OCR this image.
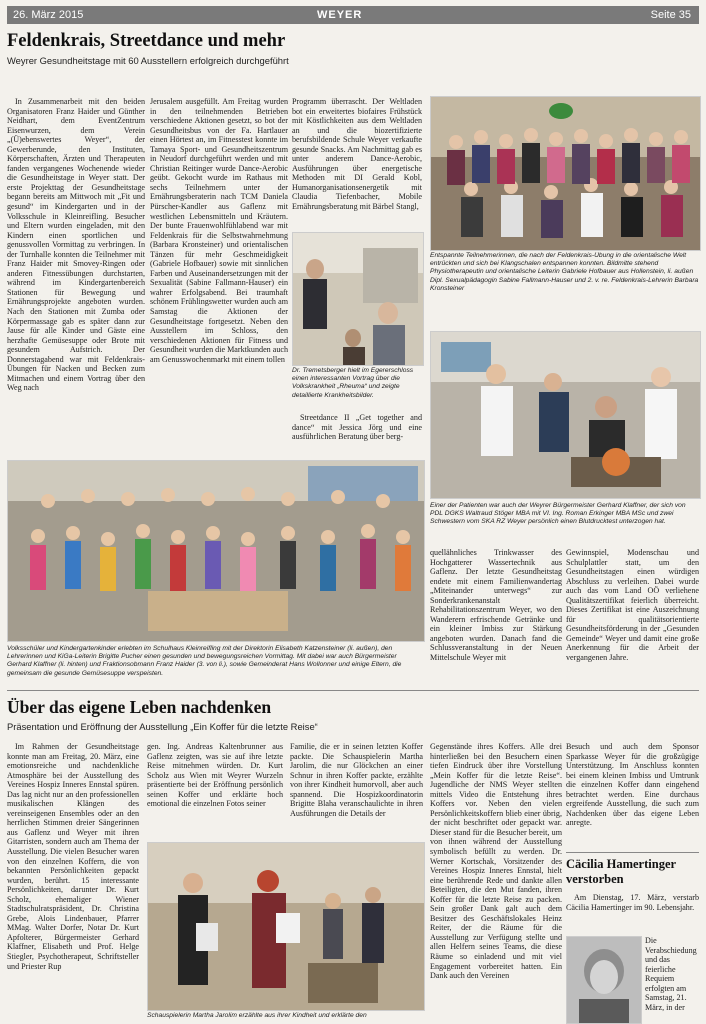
26. März 2015	WEYER	Seite 35
Feldenkrais, Streetdance und mehr
Weyrer Gesundheitstage mit 60 Ausstellern erfolgreich durchgeführt

In Zusammenarbeit mit den beiden Organisatoren Franz Haider und Günther Neidhart, dem EventZentrum Eisenwurzen, dem Verein „(Ü)ebenswertes Weyer“, der Gewerberunde, den Instituten, Körperschaften, Ärzten und Therapeuten fanden vergangenes Wochenende wieder die Gesundheitstage in Weyer statt. Der erste Projekttag der Gesundheitstage begann bereits am Mittwoch mit „Fit und gesund“ im Kindergarten und in der Volksschule in Kleinreifling. Besucher und Eltern wurden eingeladen, mit den Kindern einen sportlichen und genussvollen Vormittag zu verbringen. In der Turnhalle konnten die Teilnehmer mit Franz Haider mit Smovey-Ringen oder anderen Fitnessübungen durchstarten, während im Kindergartenbereich Stationen für Bewegung und Ernährungsprojekte angeboten wurden. Nach den Stationen mit Zumba oder Körpermassage gab es später dann zur Jause für alle Kinder und Gäste eine herzhafte Gemüsesuppe oder Brote mit gesundem Aufstrich. Der Donnerstagabend war mit Feldenkrais-Übungen für Nacken und Becken zum Mitmachen und einem Vortrag über den Weg nach

Jerusalem ausgefüllt. Am Freitag wurden in den teilnehmenden Betrieben verschiedene Aktionen gesetzt, so bot der Gesundheitsbus von der Fa. Hartlauer einen Hörtest an, im Fitnesstest konnte im Tamaya Sport- und Gesundheitszentrum in Neudorf durchgeführt werden und mit Christian Reitinger wurde Dance-Aerobic geübt. Gekocht wurde im Rathaus mit sechs Teilnehmern unter der Ernährungsberaterin nach TCM Daniela Pürscher-Kandler aus Gaflenz mit westlichen Lebensmitteln und Kräutern. Der bunte Frauenwohlfühlabend war mit Feldenkrais für die Selbstwahrnehmung (Barbara Kronsteiner) und orientalischen Tänzen für mehr Geschmeidigkeit (Gabriele Hofbauer) sowie mit sinnlichen Farben und Auseinandersetzungen mit der Sexualität (Sabine Fallmann-Hauser) ein wahrer Erfolgsabend. Bei traumhaft schönem Frühlingswetter wurden auch am Samstag die Aktionen der Gesundheitstage fortgesetzt. Neben den Ausstellern im Schloss, den verschiedenen Aktionen für Fitness und Gesundheit wurden die Marktkunden auch am Genusswochenmarkt mit einem tollen

Programm überrascht. Der Weltladen bot ein erweitertes biofaires Frühstück mit Köstlichkeiten aus dem Weltladen an und die biozertifizierte berufsbildende Schule Weyer verkaufte gesunde Snacks. Am Nachmittag gab es unter anderem Dance-Aerobic, Ausführungen über energetische Methoden mit DI Gerald Kobl, Humanorganisationsenergetik mit Claudia Tiefenbacher, Mobile Ernährungsberatung mit Bärbel Stangl,

Dr. Tremetsberger hielt im Egererschloss einen interessanten Vortrag über die Volkskrankheit „Rheuma“ und zeigte detaillierte Krankheitsbilder.

Streetdance II „Get together and dance“ mit Jessica Jörg und eine ausführlichen Beratung über berg-

Entspannte Teilnehmerinnen, die nach der Feldenkrais-Übung in die orientalische Welt entrückten und sich bei Klangschalen entspannen konnten. Bildmitte stehend Physiotherapeutin und orientalische Leiterin Gabriele Hofbauer aus Hollenstein, li. außen Dipl. Sexualpädagogin Sabine Fallmann-Hauser und 2. v. re. Feldenkrais-Lehrerin Barbara Kronsteiner
Einer der Patienten war auch der Weyrer Bürgermeister Gerhard Klaffner, der sich von PDL DGKS Waltraud Stöger MBA mit VI. Ing. Roman Erkinger MBA MSc und zwei Schwestern vom SKA RZ Weyer persönlich einen Blutdrucktest unterzogen hat.
Volksschüler und Kindergartenkinder erlebten im Schulhaus Kleinreifling mit der Direktorin Elisabeth Katzensteiner (li. außen), den Lehrerinnen und KiGa-Leiterin Brigitte Pucher einen gesunden und bewegungsreichen Vormittag. Mit dabei war auch Bürgermeister Gerhard Klaffner (li. hinten) und Fraktionsobmann Franz Haider (3. von li.), sowie Gemeinderat Hans Wollonner und einige Eltern, die gemeinsam die gesunde Gemüsesuppe verspeisten.

quellähnliches Trinkwasser des Hochgatterer Wassertechnik aus Gaflenz. Der letzte Gesundheitstag endete mit einem Familienwandertag „Miteinander unterwegs“ zur Sonderkrankenanstalt Rehabilitationszentrum Weyer, wo den Wanderern erfrischende Getränke und ein kleiner Imbiss zur Stärkung angeboten wurden. Danach fand die Schlussveranstaltung in der Neuen Mittelschule Weyer mit

Gewinnspiel, Modenschau und Schulplattler statt, um den Gesundheitstagen einen würdigen Abschluss zu verleihen. Dabei wurde auch das vom Land OÖ verliehene Qualitätszertifikat feierlich überreicht. Dieses Zertifikat ist eine Auszeichnung für qualitätsorientierte Gesundheitsförderung in der „Gesunden Gemeinde“ Weyer und damit eine große Anerkennung für die Arbeit der vergangenen Jahre.

Über das eigene Leben nachdenken
Präsentation und Eröffnung der Ausstellung „Ein Koffer für die letzte Reise“

Im Rahmen der Gesundheitstage konnte man am Freitag, 20. März, eine emotionsreiche und nachdenkliche Atmosphäre bei der Ausstellung des Vereines Hospiz Inneres Ennstal spüren. Das lag nicht nur an den professionellen musikalischen Klängen des vereinseigenen Ensembles oder an den herrlichen Stimmen dreier Sängerinnen aus Gaflenz und Weyer mit ihren Gitarristen, sondern auch am Thema der Ausstellung. Die vielen Besucher waren von den einzelnen Koffern, die von bekannten Persönlichkeiten gepackt wurden, berührt. 15 interessante Persönlichkeiten, darunter Dr. Kurt Scholz, ehemaliger Wiener Stadtschulratspräsident, Dr. Christina Grebe, Alois Lindenbauer, Pfarrer MMag. Walter Dorfer, Notar Dr. Kurt Apfolterer, Bürgermeister Gerhard Klaffner, Elisabeth und Prof. Helge Stiegler, Psychotherapeut, Schriftsteller und Priester Rup

gen. Ing. Andreas Kaltenbrunner aus Gaflenz zeigten, was sie auf ihre letzte Reise mitnehmen würden. Dr. Kurt Scholz aus Wien mit Weyrer Wurzeln präsentierte bei der Eröffnung persönlich seinen Koffer und erklärte hoch emotional die einzelnen Fotos seiner

Familie, die er in seinen letzten Koffer packte. Die Schauspielerin Martha Jarolim, die nur Glöckchen an einer Schnur in ihren Koffer packte, erzählte von ihrer Kindheit humorvoll, aber auch spannend. Die Hospizkoordinatorin Brigitte Blaha veranschaulichte in ihren Ausführungen die Details der

Schauspielerin Martha Jarolim erzählte aus ihrer Kindheit und erklärte den

Gegenstände ihres Koffers. Alle drei hinterließen bei den Besuchern einen tiefen Eindruck über ihre Vorstellung „Mein Koffer für die letzte Reise“. Jugendliche der NMS Weyer stellten mittels Video die Entstehung ihres Koffers vor. Neben den vielen Persönlichkeitskoffern blieb einer übrig, der nicht beschriftet oder gepackt war. Dieser stand für die Besucher bereit, um von ihnen während der Ausstellung symbolisch befüllt zu werden. Dr. Werner Kortschak, Vorsitzender des Vereines Hospiz Inneres Ennstal, hielt eine berührende Rede und dankte allen Beteiligten, die den Mut fanden, ihren Koffer für die letzte Reise zu packen. Sein großer Dank galt auch dem Besitzer des Geschäftslokales Heinz Reiter, der die Räume für die Ausstellung zur Verfügung stellte und allen Helfern seines Teams, die diese Räume so einladend und mit viel Engagement vorbereitet hatten. Ein Dank auch den Vereinen

Besuch und auch dem Sponsor Sparkasse Weyer für die großzügige Unterstützung. Im Anschluss konnten bei einem kleinen Imbiss und Umtrunk die einzelnen Koffer dann eingehend betrachtet werden. Eine durchaus ergreifende Ausstellung, die such zum Nachdenken über das eigene Leben anregte.

Cäcilia Hamertinger
verstorben

Am Dienstag, 17. März, verstarb Cäcilia Hamertinger im 90. Lebensjahr.

Die Verabschiedung und das feierliche Requiem erfolgten am Samstag, 21. März, in der
